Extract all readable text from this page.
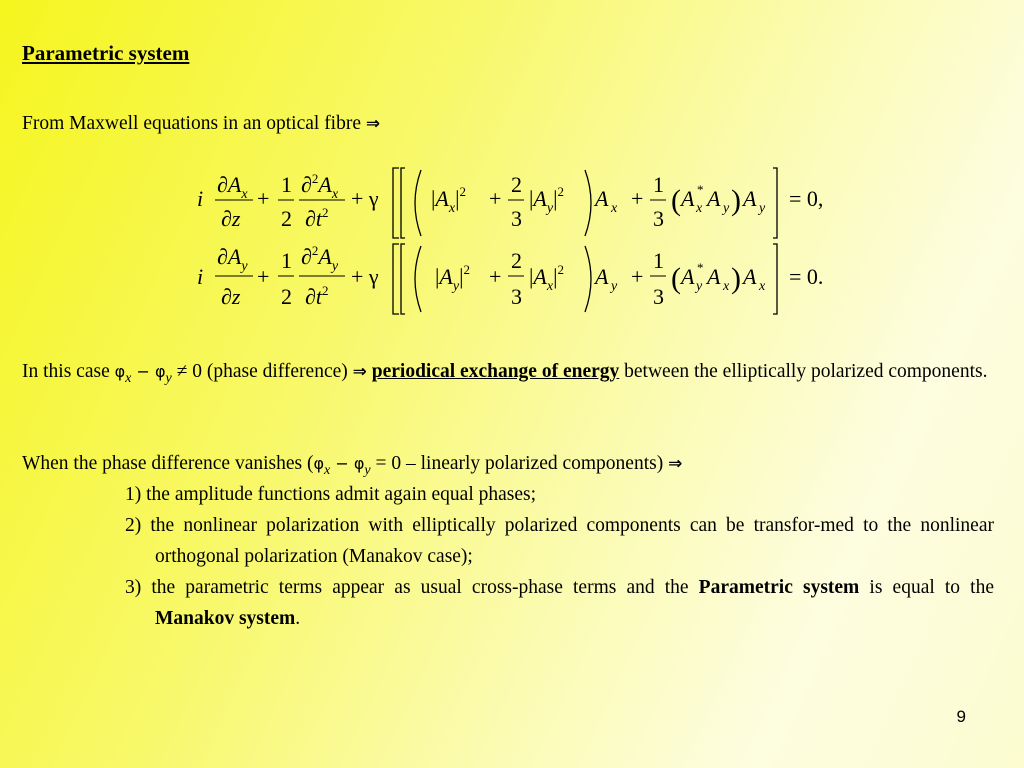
Parametric system
From Maxwell equations in an optical fibre ⇒
i
$\partial A_x$
∂z
+
1
2
$\partial^2A_x$
$\partial t^2$
+ γ $|A_x|^2$ +
2
3
$|A_y|^2$ A x +
1
3
( A *
x A y ) A y = 0,
i
$\partial A_y$
∂z
+
1
2
$\partial^2A_y$
$\partial t^2$
+ γ	$|A_y|^2$ +
2
3
$|A_x|^2$ A y +
1
3
( A *
y A x ) A x = 0.
In this case $\varphi_x - \varphi_y \ne 0$ (phase difference) ⇒ periodical exchange of energy between the elliptically polarized components.
When the phase difference vanishes ($\varphi_x - \varphi_y = 0$ – linearly polarized components) ⇒
1) the amplitude functions admit again equal phases;
2) the nonlinear polarization with elliptically polarized components can be transfor-med to the nonlinear orthogonal polarization (Manakov case);
3) the parametric terms appear as usual cross-phase terms and the Parametric system is equal to the Manakov system.
9
